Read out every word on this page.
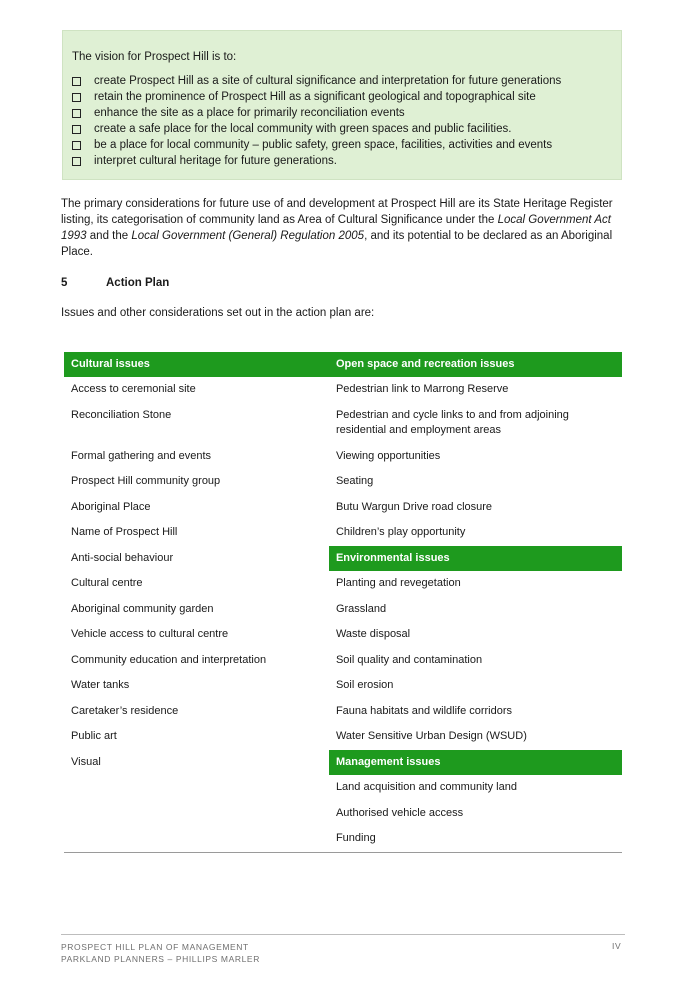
The vision for Prospect Hill is to:

create Prospect Hill as a site of cultural significance and interpretation for future generations
retain the prominence of Prospect Hill as a significant geological and topographical site
enhance the site as a place for primarily reconciliation events
create a safe place for the local community with green spaces and public facilities.
be a place for local community – public safety, green space, facilities, activities and events
interpret cultural heritage for future generations.

The primary considerations for future use of and development at Prospect Hill are its State Heritage Register listing, its categorisation of community land as Area of Cultural Significance under the Local Government Act 1993 and the Local Government (General) Regulation 2005, and its potential to be declared as an Aboriginal Place.

5	Action Plan

Issues and other considerations set out in the action plan are:

Cultural issues	Open space and recreation issues
Access to ceremonial site	Pedestrian link to Marrong Reserve
Reconciliation Stone	Pedestrian and cycle links to and from adjoining residential and employment areas
Formal gathering and events	Viewing opportunities
Prospect Hill community group	Seating
Aboriginal Place	Butu Wargun Drive road closure
Name of Prospect Hill	Children’s play opportunity
Anti-social behaviour	Environmental issues
Cultural centre	Planting and revegetation
Aboriginal community garden	Grassland
Vehicle access to cultural centre	Waste disposal
Community education and interpretation	Soil quality and contamination
Water tanks	Soil erosion
Caretaker’s residence	Fauna habitats and wildlife corridors
Public art	Water Sensitive Urban Design (WSUD)
Visual	Management issues
	Land acquisition and community land
	Authorised vehicle access
	Funding
PROSPECT HILL PLAN OF MANAGEMENT
PARKLAND PLANNERS – PHILLIPS MARLER
IV
